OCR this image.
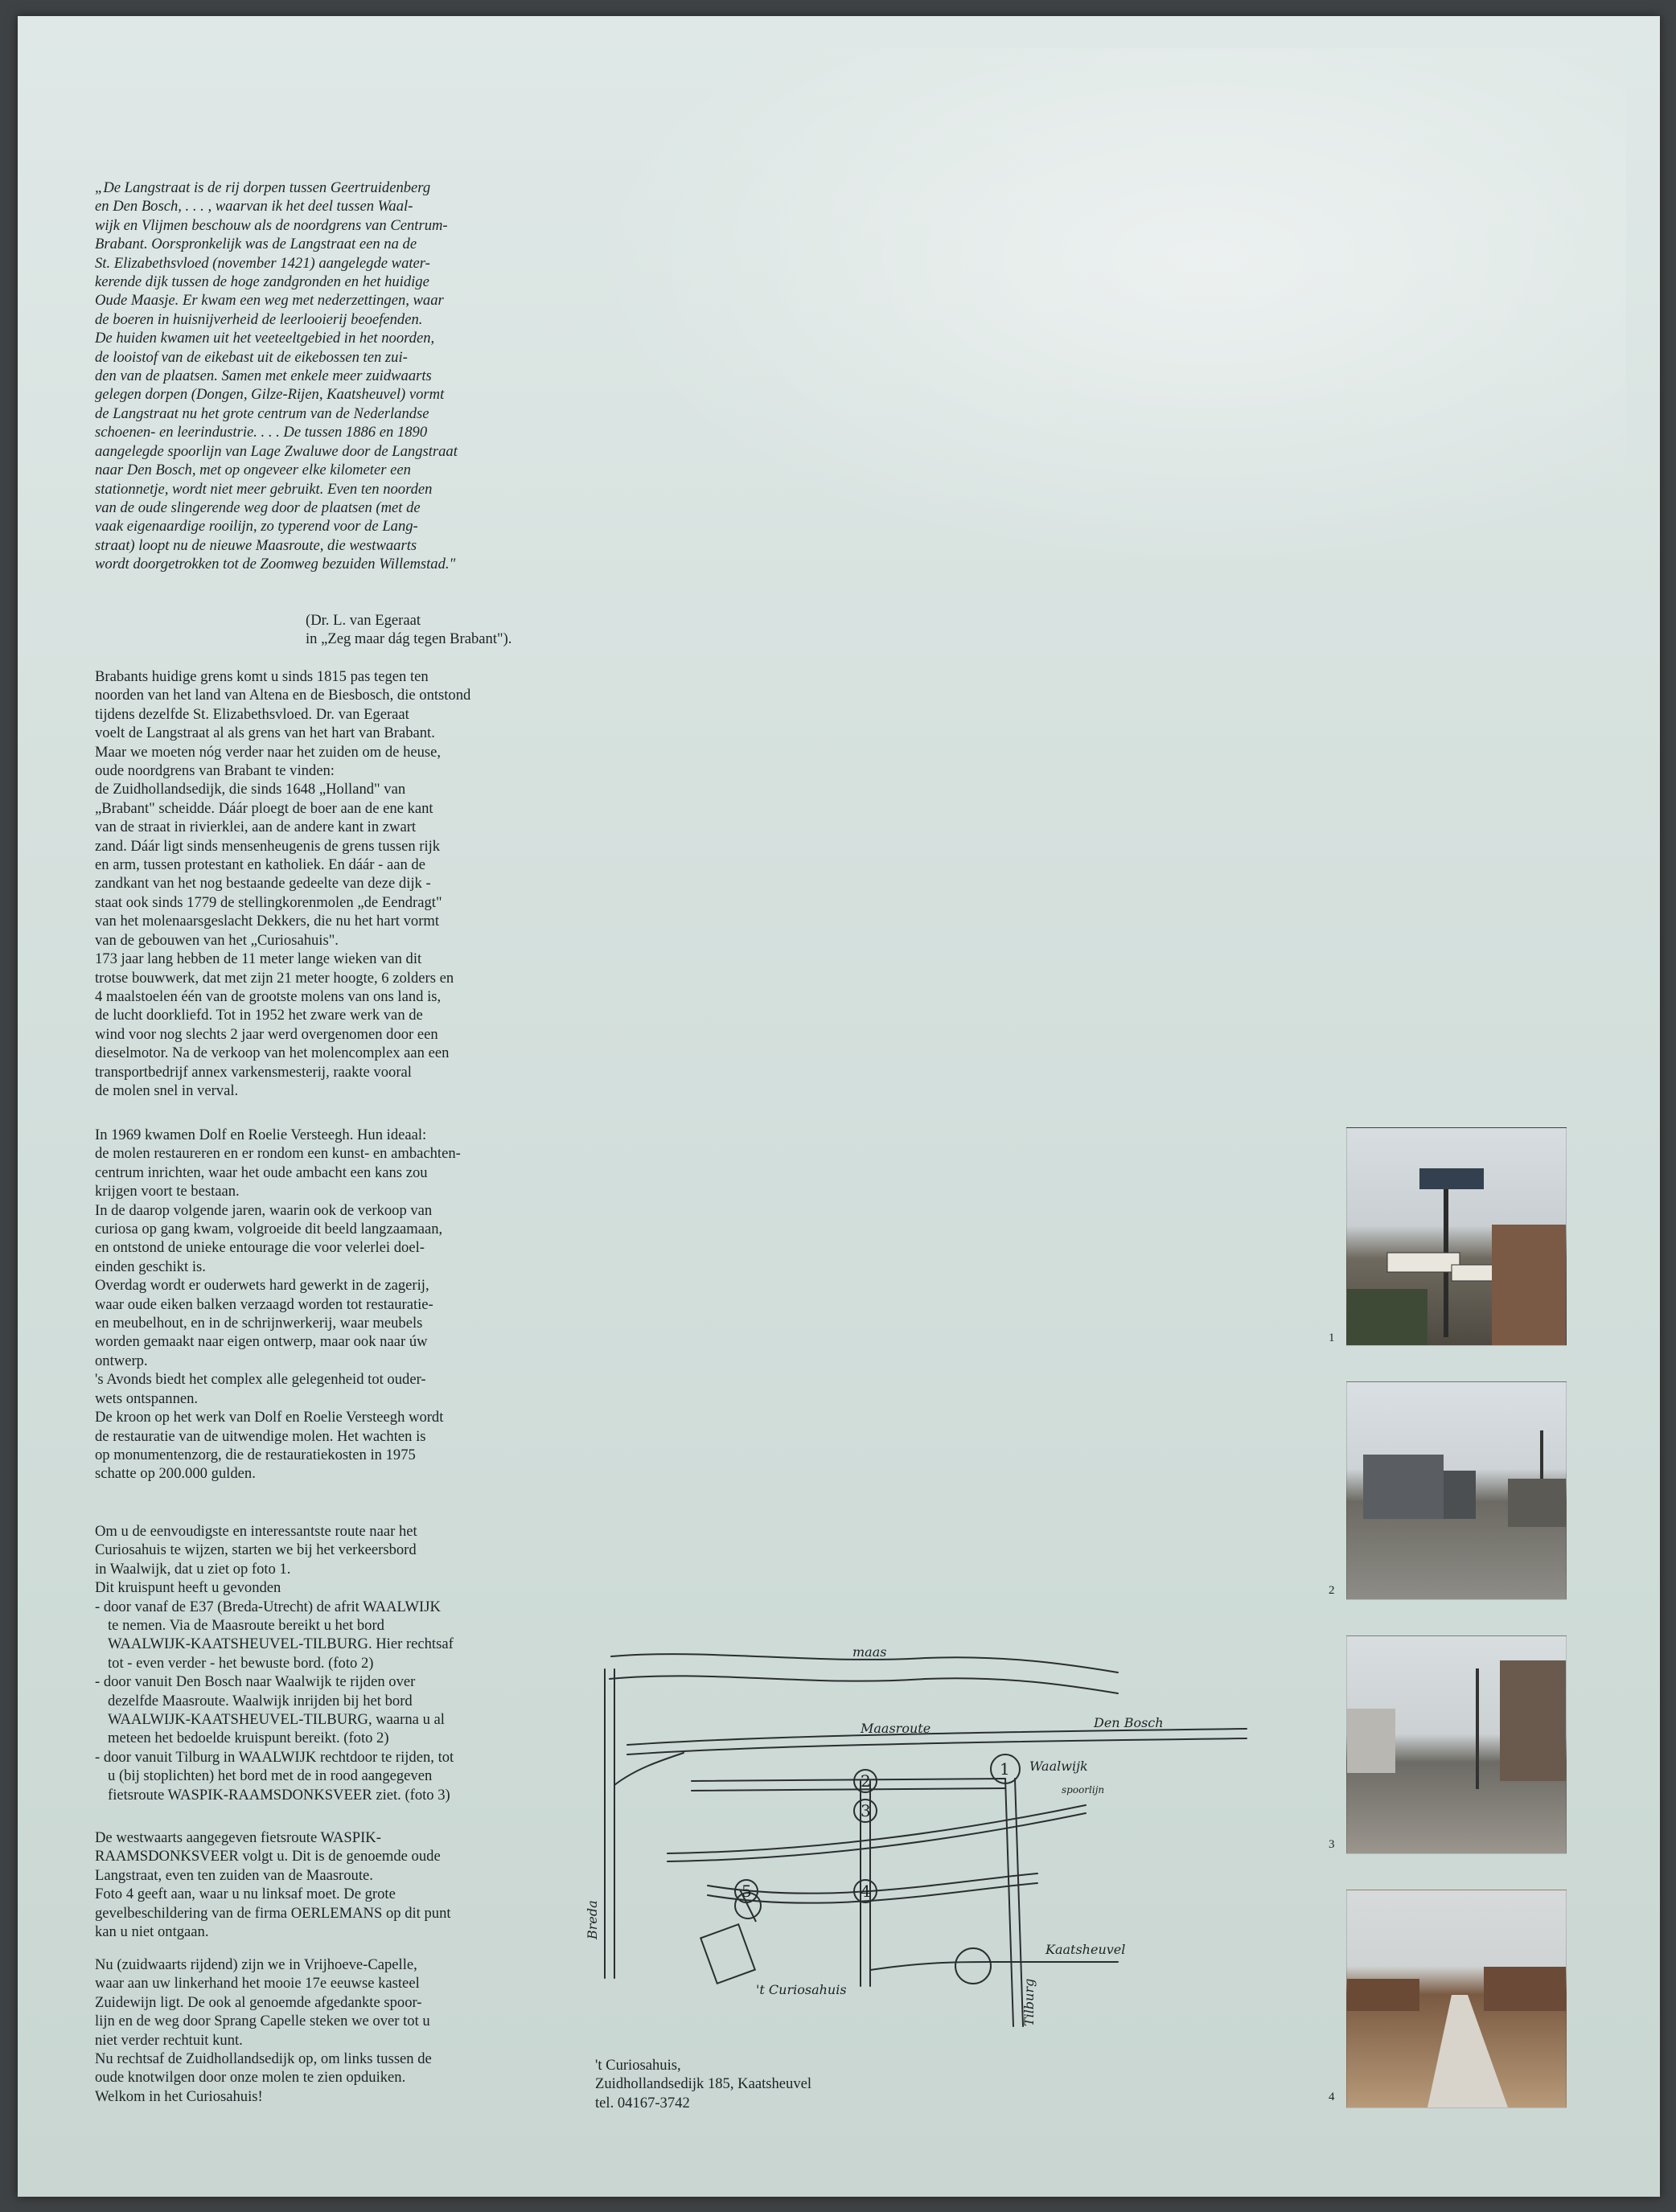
„De Langstraat is de rij dorpen tussen Geertruidenberg

en Den Bosch, . . . , waarvan ik het deel tussen Waal-

wijk en Vlijmen beschouw als de noordgrens van Centrum-

Brabant. Oorspronkelijk was de Langstraat een na de

St. Elizabethsvloed (november 1421) aangelegde water-

kerende dijk tussen de hoge zandgronden en het huidige

Oude Maasje. Er kwam een weg met nederzettingen, waar

de boeren in huisnijverheid de leerlooierij beoefenden.

De huiden kwamen uit het veeteeltgebied in het noorden,

de looistof van de eikebast uit de eikebossen ten zui-

den van de plaatsen. Samen met enkele meer zuidwaarts

gelegen dorpen (Dongen, Gilze-Rijen, Kaatsheuvel) vormt

de Langstraat nu het grote centrum van de Nederlandse

schoenen- en leerindustrie. . . . De tussen 1886 en 1890

aangelegde spoorlijn van Lage Zwaluwe door de Langstraat

naar Den Bosch, met op ongeveer elke kilometer een

stationnetje, wordt niet meer gebruikt. Even ten noorden

van de oude slingerende weg door de plaatsen (met de

vaak eigenaardige rooilijn, zo typerend voor de Lang-

straat) loopt nu de nieuwe Maasroute, die westwaarts

wordt doorgetrokken tot de Zoomweg bezuiden Willemstad."

(Dr. L. van Egeraat

in „Zeg maar dág tegen Brabant").

Brabants huidige grens komt u sinds 1815 pas tegen ten

noorden van het land van Altena en de Biesbosch, die ontstond

tijdens dezelfde St. Elizabethsvloed. Dr. van Egeraat

voelt de Langstraat al als grens van het hart van Brabant.

Maar we moeten nóg verder naar het zuiden om de heuse,

oude noordgrens van Brabant te vinden:

de Zuidhollandsedijk, die sinds 1648 „Holland" van

„Brabant" scheidde. Dáár ploegt de boer aan de ene kant

van de straat in rivierklei, aan de andere kant in zwart

zand. Dáár ligt sinds mensenheugenis de grens tussen rijk

en arm, tussen protestant en katholiek. En dáár - aan de

zandkant van het nog bestaande gedeelte van deze dijk -

staat ook sinds 1779 de stellingkorenmolen „de Eendragt"

van het molenaarsgeslacht Dekkers, die nu het hart vormt

van de gebouwen van het „Curiosahuis".

173 jaar lang hebben de 11 meter lange wieken van dit

trotse bouwwerk, dat met zijn 21 meter hoogte, 6 zolders en

4 maalstoelen één van de grootste molens van ons land is,

de lucht doorkliefd. Tot in 1952 het zware werk van de

wind voor nog slechts 2 jaar werd overgenomen door een

dieselmotor. Na de verkoop van het molencomplex aan een

transportbedrijf annex varkensmesterij, raakte vooral

de molen snel in verval.

In 1969 kwamen Dolf en Roelie Versteegh. Hun ideaal:

de molen restaureren en er rondom een kunst- en ambachten-

centrum inrichten, waar het oude ambacht een kans zou

krijgen voort te bestaan.

In de daarop volgende jaren, waarin ook de verkoop van

curiosa op gang kwam, volgroeide dit beeld langzaamaan,

en ontstond de unieke entourage die voor velerlei doel-

einden geschikt is.

Overdag wordt er ouderwets hard gewerkt in de zagerij,

waar oude eiken balken verzaagd worden tot restauratie-

en meubelhout, en in de schrijnwerkerij, waar meubels

worden gemaakt naar eigen ontwerp, maar ook naar úw

ontwerp.

's Avonds biedt het complex alle gelegenheid tot ouder-

wets ontspannen.

De kroon op het werk van Dolf en Roelie Versteegh wordt

de restauratie van de uitwendige molen. Het wachten is

op monumentenzorg, die de restauratiekosten in 1975

schatte op 200.000 gulden.

Om u de eenvoudigste en interessantste route naar het

Curiosahuis te wijzen, starten we bij het verkeersbord

in Waalwijk, dat u ziet op foto 1.

Dit kruispunt heeft u gevonden

- door vanaf de E37 (Breda-Utrecht) de afrit WAALWIJK

te nemen. Via de Maasroute bereikt u het bord

WAALWIJK-KAATSHEUVEL-TILBURG. Hier rechtsaf

tot - even verder - het bewuste bord. (foto 2)

- door vanuit Den Bosch naar Waalwijk te rijden over

dezelfde Maasroute. Waalwijk inrijden bij het bord

WAALWIJK-KAATSHEUVEL-TILBURG, waarna u al

meteen het bedoelde kruispunt bereikt. (foto 2)

- door vanuit Tilburg in WAALWIJK rechtdoor te rijden, tot

u (bij stoplichten) het bord met de in rood aangegeven

fietsroute WASPIK-RAAMSDONKSVEER ziet. (foto 3)

De westwaarts aangegeven fietsroute WASPIK-

RAAMSDONKSVEER volgt u. Dit is de genoemde oude

Langstraat, even ten zuiden van de Maasroute.

Foto 4 geeft aan, waar u nu linksaf moet. De grote

gevelbeschildering van de firma OERLEMANS op dit punt

kan u niet ontgaan.

Nu (zuidwaarts rijdend) zijn we in Vrijhoeve-Capelle,

waar aan uw linkerhand het mooie 17e eeuwse kasteel

Zuidewijn ligt. De ook al genoemde afgedankte spoor-

lijn en de weg door Sprang Capelle steken we over tot u

niet verder rechtuit kunt.

Nu rechtsaf de Zuidhollandsedijk op, om links tussen de

oude knotwilgen door onze molen te zien opduiken.

Welkom in het Curiosahuis!

't Curiosahuis,

Zuidhollandsedijk 185, Kaatsheuvel

tel. 04167-3742

1
2
3
4
5
maas
Maasroute	Den Bosch
Waalwijk
spoorlijn
Breda
Kaatsheuvel
Tilburg
't Curiosahuis
1
2
3
4
